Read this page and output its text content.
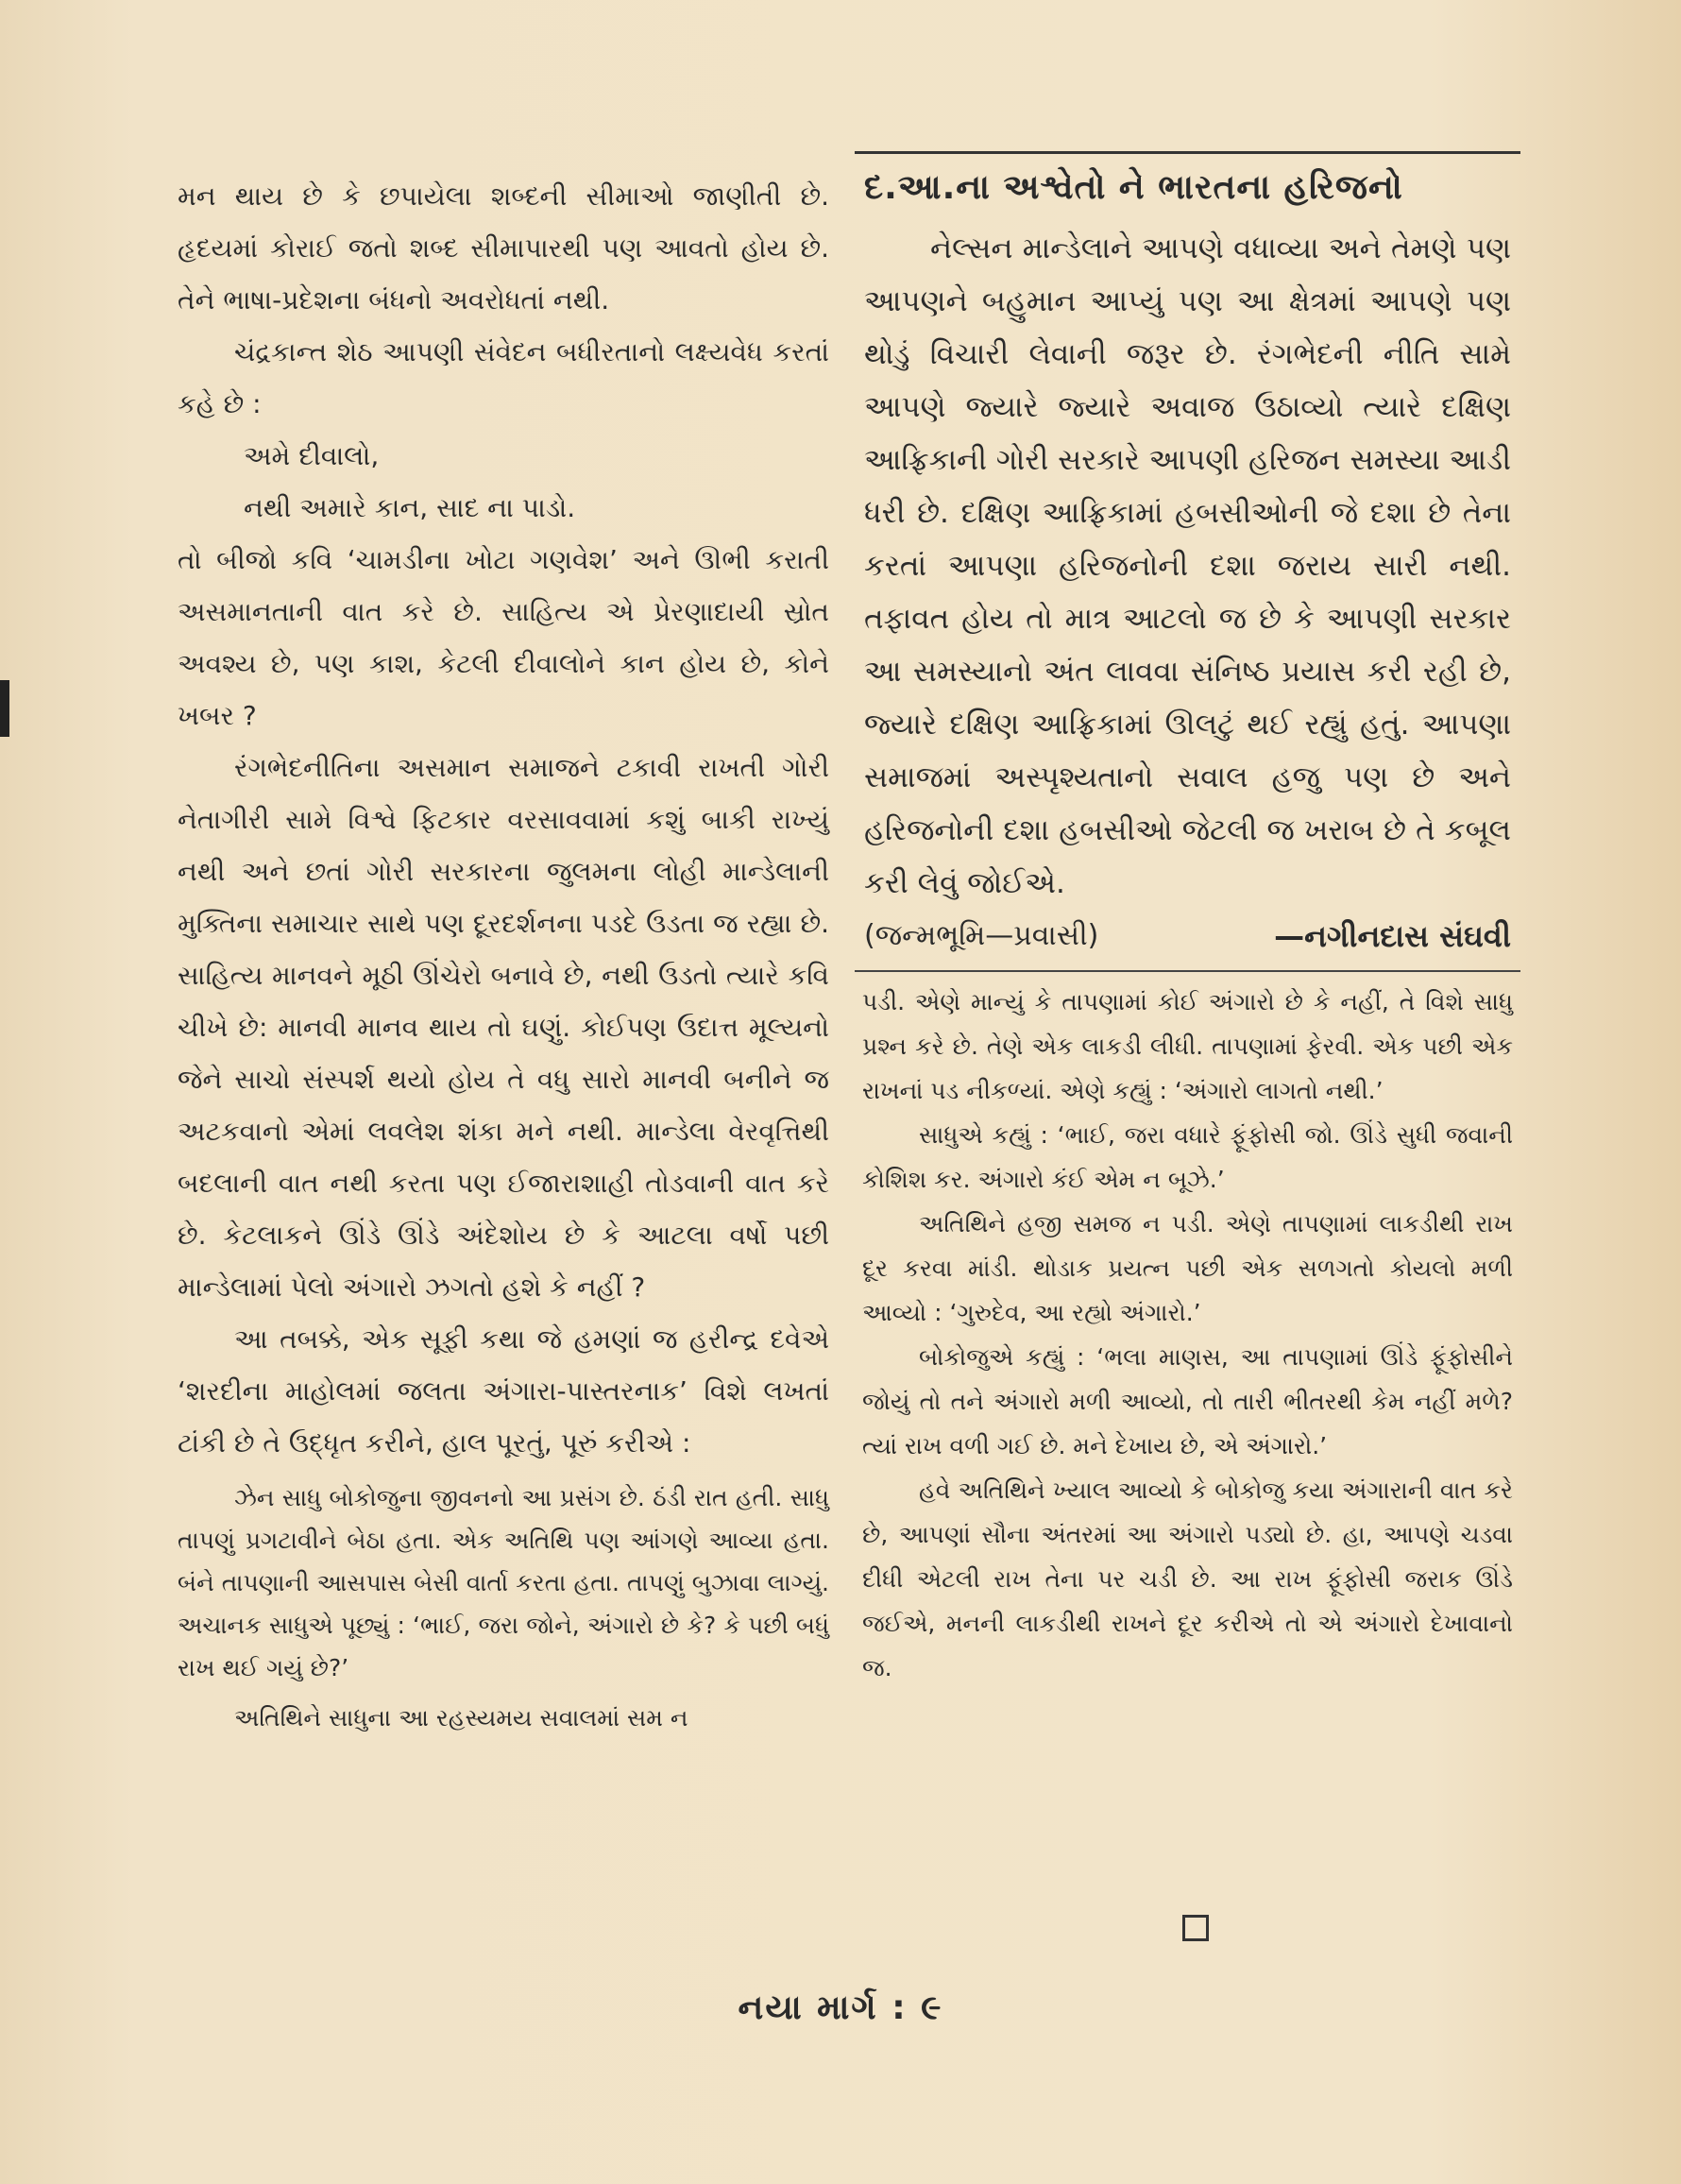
મન થાય છે કે છપાયેલા શબ્દની સીમાઓ જાણીતી છે. હૃદયમાં કોરાઈ જતો શબ્દ સીમાપારથી પણ આવતો હોય છે. તેને ભાષા-પ્રદેશના બંધનો અવરોધતાં નથી.

ચંદ્રકાન્ત શેઠ આપણી સંવેદન બધીરતાનો લક્ષ્યવેધ કરતાં કહે છે :

અમે દીવાલો,

નથી અમારે કાન, સાદ ના પાડો.

તો બીજો કવિ ‘ચામડીના ખોટા ગણવેશ’ અને ઊભી કરાતી અસમાનતાની વાત કરે છે. સાહિત્ય એ પ્રેરણાદાયી સ્રોત અવશ્ય છે, પણ કાશ, કેટલી દીવાલોને કાન હોય છે, કોને ખબર ?

રંગભેદનીતિના અસમાન સમાજને ટકાવી રાખતી ગોરી નેતાગીરી સામે વિશ્વે ફિટકાર વરસાવવામાં કશું બાકી રાખ્યું નથી અને છતાં ગોરી સરકારના જુલમના લોહી માન્ડેલાની મુક્તિના સમાચાર સાથે પણ દૂરદર્શનના પડદે ઉડતા જ રહ્યા છે. સાહિત્ય માનવને મૂઠી ઊંચેરો બનાવે છે, નથી ઉડતો ત્યારે કવિ ચીખે છે: માનવી માનવ થાય તો ઘણું. કોઈપણ ઉદાત્ત મૂલ્યનો જેને સાચો સંસ્પર્શ થયો હોય તે વધુ સારો માનવી બનીને જ અટકવાનો એમાં લવલેશ શંકા મને નથી. માન્ડેલા વેરવૃત્તિથી બદલાની વાત નથી કરતા પણ ઈજારાશાહી તોડવાની વાત કરે છે. કેટલાકને ઊંડે ઊંડે અંદેશોય છે કે આટલા વર્ષો પછી માન્ડેલામાં પેલો અંગારો ઝગતો હશે કે નહીં ?

આ તબક્કે, એક સૂફી કથા જે હમણાં જ હરીન્દ્ર દવેએ ‘શરદીના માહોલમાં જલતા અંગારા-પાસ્તરનાક’ વિશે લખતાં ટાંકી છે તે ઉદ્ધૃત કરીને, હાલ પૂરતું, પૂરું કરીએ :

ઝેન સાધુ બોકોજુના જીવનનો આ પ્રસંગ છે. ઠંડી રાત હતી. સાધુ તાપણું પ્રગટાવીને બેઠા હતા. એક અતિથિ પણ આંગણે આવ્યા હતા. બંને તાપણાની આસપાસ બેસી વાર્તા કરતા હતા. તાપણું બુઝાવા લાગ્યું. અચાનક સાધુએ પૂછ્યું : ‘ભાઈ, જરા જોને, અંગારો છે કે? કે પછી બધું રાખ થઈ ગયું છે?’

અતિથિને સાધુના આ રહસ્યમય સવાલમાં સમ ન

દ.આ.ના અશ્વેતો ને ભારતના હરિજનો

નેલ્સન માન્ડેલાને આપણે વધાવ્યા અને તેમણે પણ આપણને બહુમાન આપ્યું પણ આ ક્ષેત્રમાં આપણે પણ થોડું વિચારી લેવાની જરૂર છે. રંગભેદની નીતિ સામે આપણે જ્યારે જ્યારે અવાજ ઉઠાવ્યો ત્યારે દક્ષિણ આફ્રિકાની ગોરી સરકારે આપણી હરિજન સમસ્યા આડી ધરી છે. દક્ષિણ આફ્રિકામાં હબસીઓની જે દશા છે તેના કરતાં આપણા હરિજનોની દશા જરાય સારી નથી. તફાવત હોય તો માત્ર આટલો જ છે કે આપણી સરકાર આ સમસ્યાનો અંત લાવવા સંનિષ્ઠ પ્રયાસ કરી રહી છે, જ્યારે દક્ષિણ આફ્રિકામાં ઊલટું થઈ રહ્યું હતું. આપણા સમાજમાં અસ્પૃશ્યતાનો સવાલ હજુ પણ છે અને હરિજનોની દશા હબસીઓ જેટલી જ ખરાબ છે તે કબૂલ કરી લેવું જોઈએ.

(જન્મભૂમિ—પ્રવાસી)	—નગીનદાસ સંઘવી

પડી. એણે માન્યું કે તાપણામાં કોઈ અંગારો છે કે નહીં, તે વિશે સાધુ પ્રશ્ન કરે છે. તેણે એક લાકડી લીધી. તાપણામાં ફેરવી. એક પછી એક રાખનાં પડ નીકળ્યાં. એણે કહ્યું : ‘અંગારો લાગતો નથી.’

સાધુએ કહ્યું : ‘ભાઈ, જરા વધારે ફૂંફોસી જો. ઊંડે સુધી જવાની કોશિશ કર. અંગારો કંઈ એમ ન બૂઝે.’

અતિથિને હજી સમજ ન પડી. એણે તાપણામાં લાકડીથી રાખ દૂર કરવા માંડી. થોડાક પ્રયત્ન પછી એક સળગતો કોયલો મળી આવ્યો : ‘ગુરુદેવ, આ રહ્યો અંગારો.’

બોકોજુએ કહ્યું : ‘ભલા માણસ, આ તાપણામાં ઊંડે ફૂંફોસીને જોયું તો તને અંગારો મળી આવ્યો, તો તારી ભીતરથી કેમ નહીં મળે? ત્યાં રાખ વળી ગઈ છે. મને દેખાય છે, એ અંગારો.’

હવે અતિથિને ખ્યાલ આવ્યો કે બોકોજુ કયા અંગારાની વાત કરે છે, આપણાં સૌના અંતરમાં આ અંગારો પડ્યો છે. હા, આપણે ચડવા દીધી એટલી રાખ તેના પર ચડી છે. આ રાખ ફૂંફોસી જરાક ઊંડે જઈએ, મનની લાકડીથી રાખને દૂર કરીએ તો એ અંગારો દેખાવાનો જ.

નયા માર્ગ : ૯
